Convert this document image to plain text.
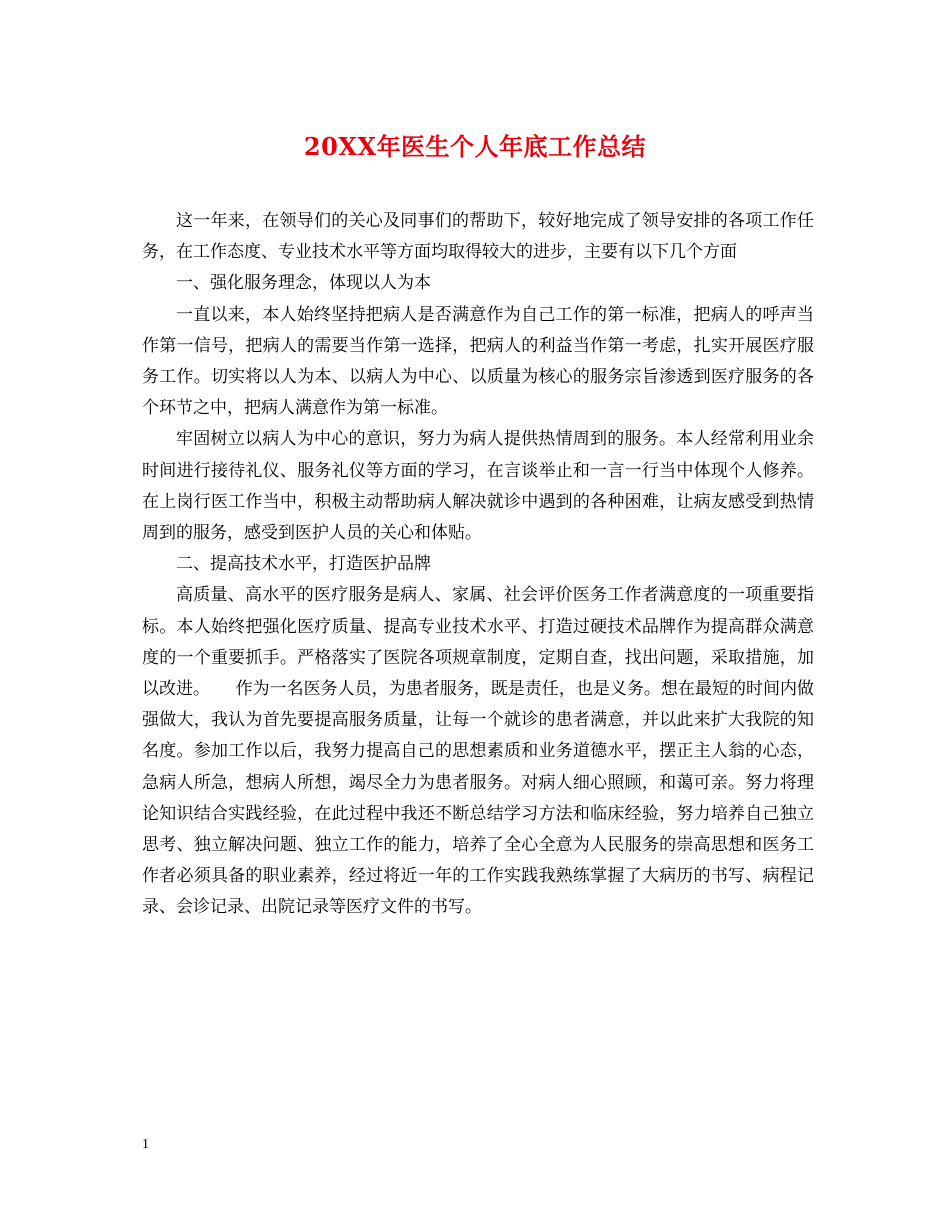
20XX年医生个人年底工作总结

这一年来，在领导们的关心及同事们的帮助下，较好地完成了领导安排的各项工作任务，在工作态度、专业技术水平等方面均取得较大的进步，主要有以下几个方面

一、强化服务理念，体现以人为本

一直以来，本人始终坚持把病人是否满意作为自己工作的第一标准，把病人的呼声当作第一信号，把病人的需要当作第一选择，把病人的利益当作第一考虑，扎实开展医疗服务工作。切实将以人为本、以病人为中心、以质量为核心的服务宗旨渗透到医疗服务的各个环节之中，把病人满意作为第一标准。

牢固树立以病人为中心的意识，努力为病人提供热情周到的服务。本人经常利用业余时间进行接待礼仪、服务礼仪等方面的学习，在言谈举止和一言一行当中体现个人修养。在上岗行医工作当中，积极主动帮助病人解决就诊中遇到的各种困难，让病友感受到热情周到的服务，感受到医护人员的关心和体贴。

二、提高技术水平，打造医护品牌

高质量、高水平的医疗服务是病人、家属、社会评价医务工作者满意度的一项重要指标。本人始终把强化医疗质量、提高专业技术水平、打造过硬技术品牌作为提高群众满意度的一个重要抓手。严格落实了医院各项规章制度，定期自查，找出问题，采取措施，加以改进。　　作为一名医务人员，为患者服务，既是责任，也是义务。想在最短的时间内做强做大，我认为首先要提高服务质量，让每一个就诊的患者满意，并以此来扩大我院的知名度。参加工作以后，我努力提高自己的思想素质和业务道德水平，摆正主人翁的心态，急病人所急，想病人所想，竭尽全力为患者服务。对病人细心照顾，和蔼可亲。努力将理论知识结合实践经验，在此过程中我还不断总结学习方法和临床经验，努力培养自己独立思考、独立解决问题、独立工作的能力，培养了全心全意为人民服务的崇高思想和医务工作者必须具备的职业素养，经过将近一年的工作实践我熟练掌握了大病历的书写、病程记录、会诊记录、出院记录等医疗文件的书写。

1
